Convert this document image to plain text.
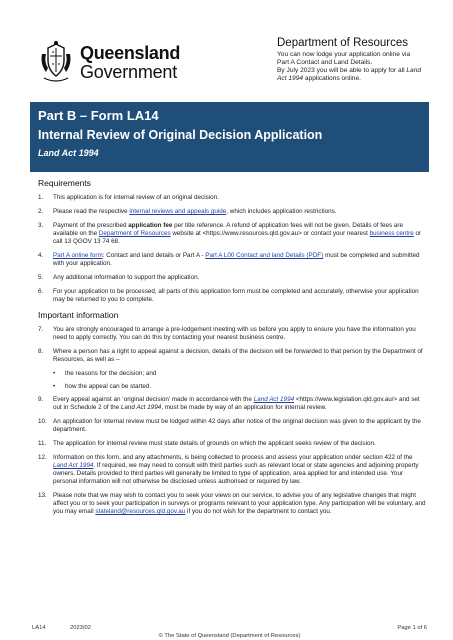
Queensland
Government
Department of Resources
You can now lodge your application online via
Part A Contact and Land Details.
By July 2023 you will be able to apply for all Land
Act 1994 applications online.
Part B – Form LA14
Internal Review of Original Decision Application
Land Act 1994
Requirements
1.	This application is for internal review of an original decision.
2.	Please read the respective internal reviews and appeals guide, which includes application restrictions.
3.	Payment of the prescribed application fee per title reference. A refund of application fees will not be given. Details of fees are available on the Department of Resources website at <https://www.resources.qld.gov.au> or contact your nearest business centre or call 13 QGOV 13 74 68.
4.	Part A online form: Contact and land details or Part A - Part A L00 Contact and land Details (PDF) must be completed and submitted with your application.
5.	Any additional information to support the application.
6.	For your application to be processed, all parts of this application form must be completed and accurately, otherwise your application may be returned to you to complete.
Important information
7.	You are strongly encouraged to arrange a pre-lodgement meeting with us before you apply to ensure you have the information you need to apply correctly. You can do this by contacting your nearest business centre.
8.	Where a person has a right to appeal against a decision, details of the decision will be forwarded to that person by the Department of Resources, as well as –
•	the reasons for the decision; and
•	how the appeal can be started.
9.	Every appeal against an ‘original decision’ made in accordance with the Land Act 1994 <https://www.legislation.qld.gov.au/> and set out in Schedule 2 of the Land Act 1994, must be made by way of an application for internal review.
10. An application for internal review must be lodged within 42 days after notice of the original decision was given to the applicant by the department.
11.	The application for internal review must state details of grounds on which the applicant seeks review of the decision.
12. Information on this form, and any attachments, is being collected to process and assess your application under section 422 of the Land Act 1994. If required, we may need to consult with third parties such as relevant local or state agencies and adjoining property owners. Details provided to third parties will generally be limited to type of application, area applied for and intended use. Your personal information will not otherwise be disclosed unless authorised or required by law.
13. Please note that we may wish to contact you to seek your views on our service, to advise you of any legislative changes that might affect you or to seek your participation in surveys or programs relevant to your application type. Any participation will be voluntary, and you may email stateland@resources.qld.gov.au if you do not wish for the department to contact you.
LA14	2023/02	Page 1 of 6
© The State of Queensland (Department of Resources)
